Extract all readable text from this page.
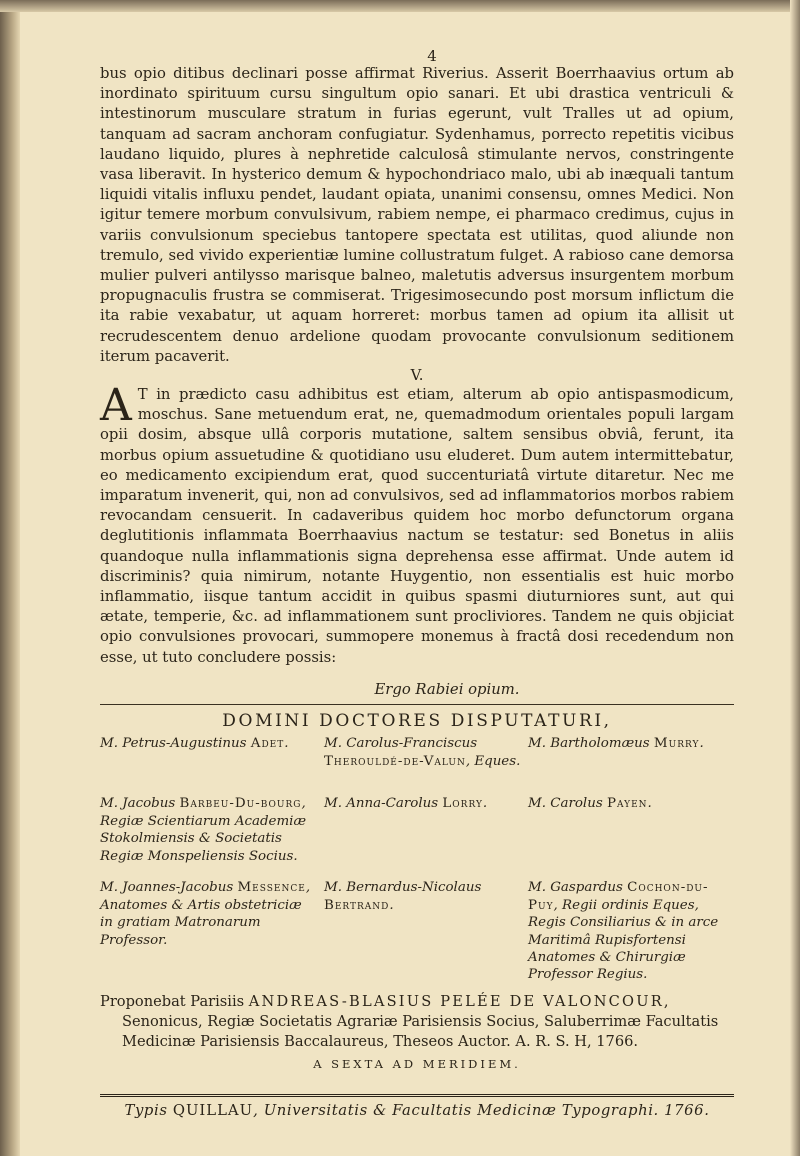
4

bus opio ditibus declinari posse affirmat Riverius. Asserit Boerrhaavius ortum ab inordinato spirituum cursu singultum opio sanari. Et ubi drastica ventriculi & intestinorum musculare stratum in furias egerunt, vult Tralles ut ad opium, tanquam ad sacram anchoram confugiatur. Sydenhamus, porrecto repetitis vicibus laudano liquido, plures à nephretide calculosâ stimulante nervos, constringente vasa liberavit. In hysterico demum & hypochondriaco malo, ubi ab inæquali tantum liquidi vitalis influxu pendet, laudant opiata, unanimi consensu, omnes Medici. Non igitur temere morbum convulsivum, rabiem nempe, ei pharmaco credimus, cujus in variis convulsionum speciebus tantopere spectata est utilitas, quod aliunde non tremulo, sed vivido experientiæ lumine collustratum fulget. A rabioso cane demorsa mulier pulveri antilysso marisque balneo, maletutis adversus insurgentem morbum propugnaculis frustra se commiserat. Trigesimosecundo post morsum inflictum die ita rabie vexabatur, ut aquam horreret: morbus tamen ad opium ita allisit ut recrudescentem denuo ardelione quodam provocante convulsionum seditionem iterum pacaverit.

V.

A T in prædicto casu adhibitus est etiam, alterum ab opio antispasmodicum, moschus. Sane metuendum erat, ne, quemadmodum orientales populi largam opii dosim, absque ullâ corporis mutatione, saltem sensibus obviâ, ferunt, ita morbus opium assuetudine & quotidiano usu eluderet. Dum autem intermittebatur, eo medicamento excipiendum erat, quod succenturiatâ virtute ditaretur. Nec me imparatum invenerit, qui, non ad convulsivos, sed ad inflammatorios morbos rabiem revocandam censuerit. In cadaveribus quidem hoc morbo defunctorum organa deglutitionis inflammata Boerrhaavius nactum se testatur: sed Bonetus in aliis quandoque nulla inflammationis signa deprehensa esse affirmat. Unde autem id discriminis? quia nimirum, notante Huygentio, non essentialis est huic morbo inflammatio, iisque tantum accidit in quibus spasmi diuturniores sunt, aut qui ætate, temperie, &c. ad inflammationem sunt procliviores. Tandem ne quis objiciat opio convulsiones provocari, summopere monemus à fractâ dosi recedendum non esse, ut tuto concludere possis:

Ergo Rabiei opium.
DOMINI DOCTORES DISPUTATURI,
M. Petrus-Augustinus Adet.	M. Carolus-Franciscus Therouldé-de-Valun, Eques.
M. Bartholomæus Murry.
M. Jacobus Barbeu-Du-bourg, Regiæ Scientiarum Academiæ Stokolmiensis & Societatis Regiæ Monspeliensis Socius.
M. Anna-Carolus Lorry.	M. Carolus Payen.
M. Joannes-Jacobus Messence, Anatomes & Artis obstetriciæ in gratiam Matronarum Professor.
M. Bernardus-Nicolaus Bertrand.
M. Gaspardus Cochon-du-Puy, Regii ordinis Eques, Regis Consiliarius & in arce Maritimâ Rupisfortensi Anatomes & Chirurgiæ Professor Regius.
Proponebat Parisiis ANDREAS-BLASIUS PELÉE DE VALONCOUR,
Senonicus, Regiæ Societatis Agrariæ Parisiensis Socius, Saluberrimæ Facultatis
Medicinæ Parisiensis Baccalaureus, Theseos Auctor. A. R. S. H, 1766.
A SEXTA AD MERIDIEM.
Typis QUILLAU, Universitatis & Facultatis Medicinæ Typographi. 1766.
